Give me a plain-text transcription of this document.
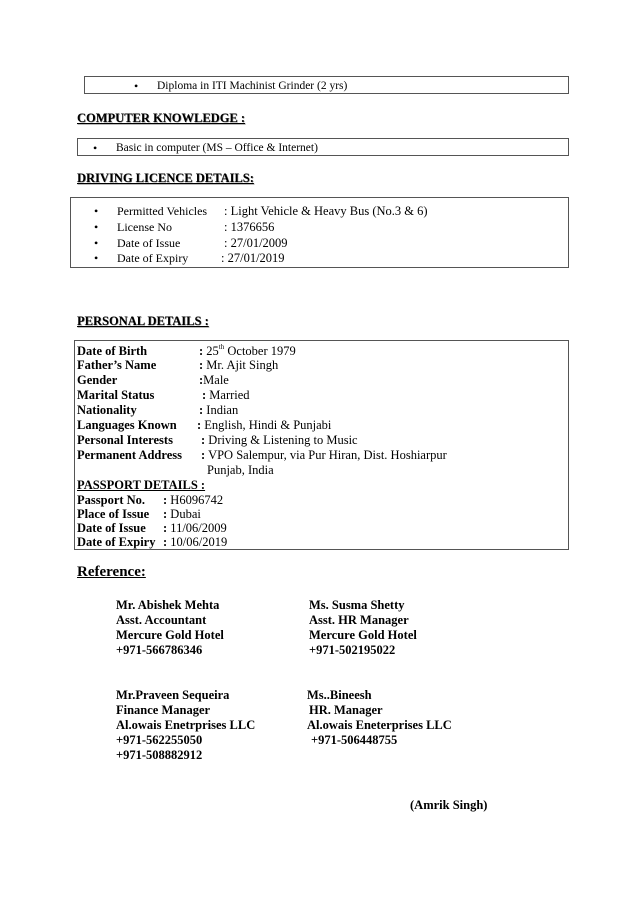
• Diploma in ITI Machinist Grinder (2 yrs)
COMPUTER KNOWLEDGE :
• Basic in computer (MS – Office & Internet)
DRIVING LICENCE DETAILS:
• Permitted Vehicles : Light Vehicle & Heavy Bus (No.3 & 6)
• License No	: 1376656
• Date of Issue	: 27/01/2009
• Date of Expiry	: 27/01/2019
PERSONAL DETAILS :
Date of Birth	: 25th October 1979
Father’s Name	: Mr. Ajit Singh
Gender	:Male
Marital Status	: Married
Nationality	: Indian
Languages Known : English, Hindi & Punjabi
Personal Interests : Driving & Listening to Music
Permanent Address : VPO Salempur, via Pur Hiran, Dist. Hoshiarpur
Punjab, India
PASSPORT DETAILS :
Passport No. : H6096742
Place of Issue : Dubai
Date of Issue : 11/06/2009
Date of Expiry : 10/06/2019
Reference:
Mr. Abishek Mehta
Asst. Accountant
Mercure Gold Hotel
+971-566786346
Ms. Susma Shetty
Asst. HR Manager
Mercure Gold Hotel
+971-502195022
Mr.Praveen Sequeira
Finance Manager
Al.owais Enetrprises LLC
+971-562255050
+971-508882912
Ms..Bineesh
HR. Manager
Al.owais Eneterprises LLC
+971-506448755
(Amrik Singh)
